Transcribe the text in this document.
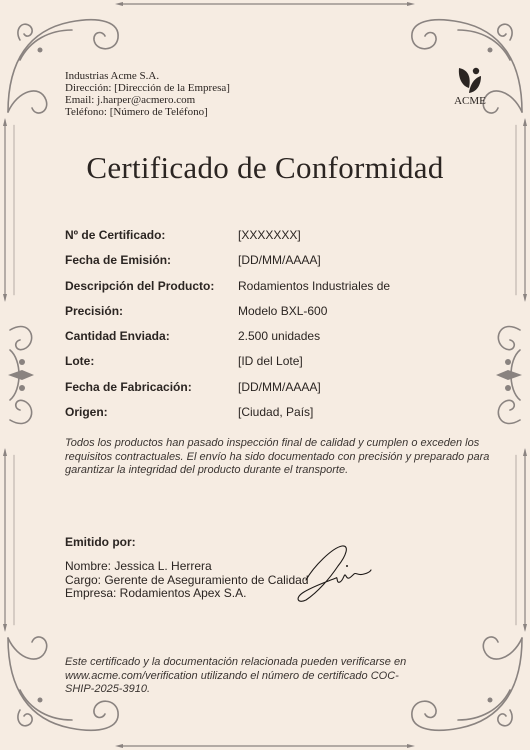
Industrias Acme S.A.
Dirección: [Dirección de la Empresa]
Email: j.harper@acmero.com
Teléfono: [Número de Teléfono]
ACME
Certificado de Conformidad
Nº de Certificado:	[XXXXXXX]
Fecha de Emisión:	[DD/MM/AAAA]
Descripción del Producto: Rodamientos Industriales de
Precisión:	Modelo BXL-600
Cantidad Enviada:	2.500 unidades
Lote:	[ID del Lote]
Fecha de Fabricación:	[DD/MM/AAAA]
Origen:	[Ciudad, País]
Todos los productos han pasado inspección final de calidad y cumplen o exceden los requisitos contractuales. El envío ha sido documentado con precisión y preparado para garantizar la integridad del producto durante el transporte.
Emitido por:
Nombre: Jessica L. Herrera
Cargo: Gerente de Aseguramiento de Calidad
Empresa: Rodamientos Apex S.A.
Este certificado y la documentación relacionada pueden verificarse en www.acme.com/verification utilizando el número de certificado COC-SHIP-2025-3910.
